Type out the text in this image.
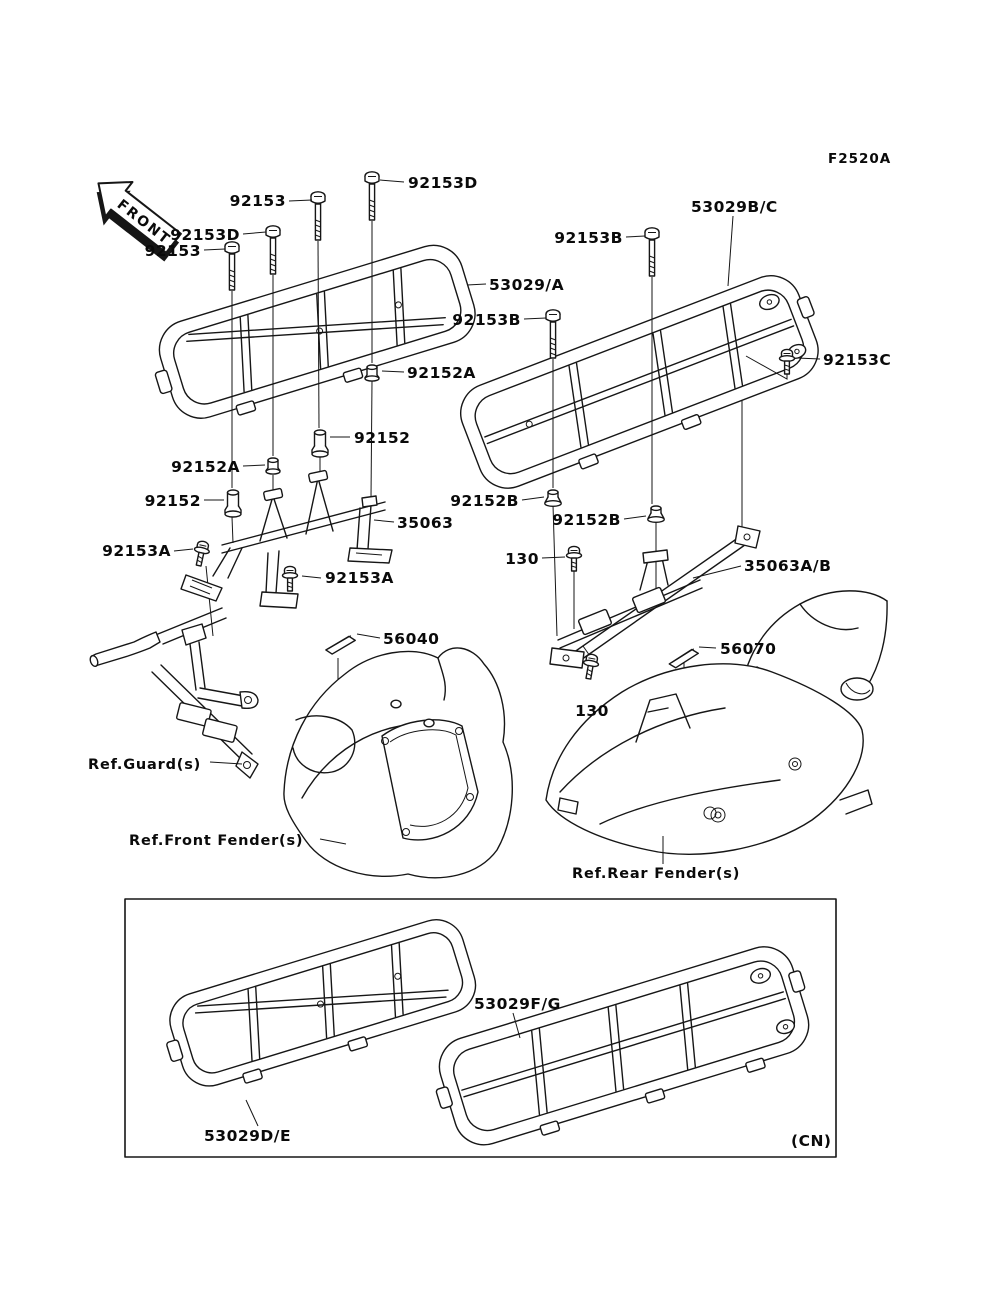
FRONT
F2520A
92153
92153D
92153D
92153
53029B/C
92153B
53029/A
92153B
92153C
92152A
92152
92152A
92152
35063
92153A
92153A
92152B
92152B
130	35063A/B
56040
56070
130
Ref.Guard(s)
Ref.Front Fender(s)
Ref.Rear Fender(s)
53029D/E
53029F/G
(CN)
